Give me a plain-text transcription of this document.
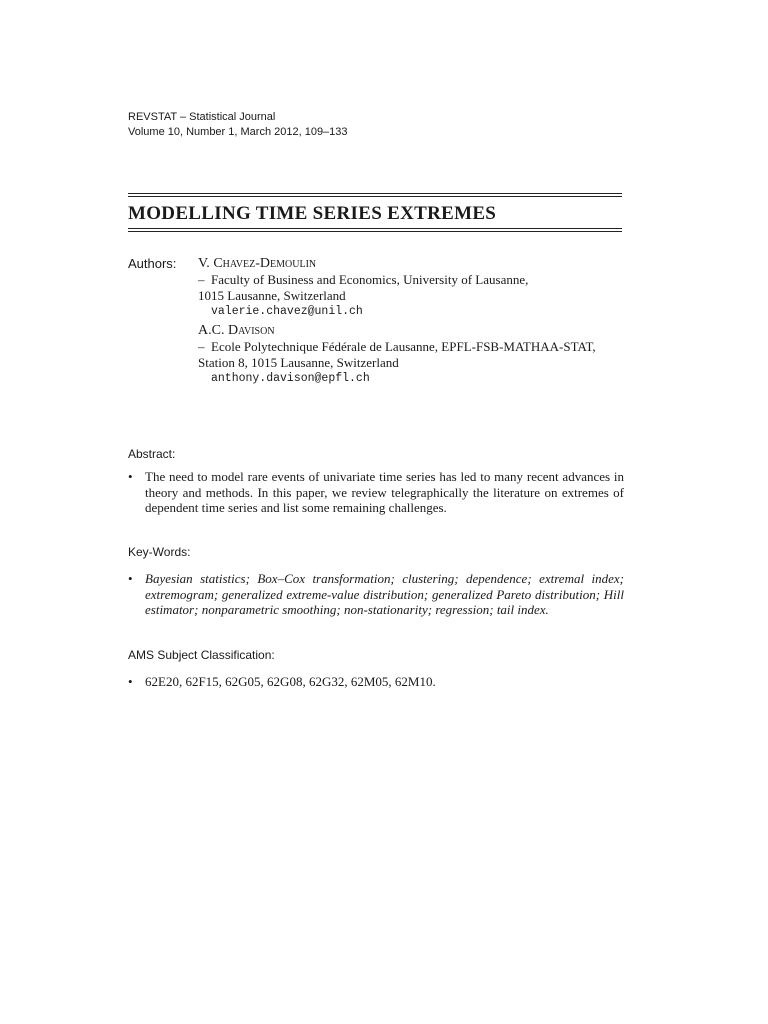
REVSTAT – Statistical Journal
Volume 10, Number 1, March 2012, 109–133
MODELLING TIME SERIES EXTREMES
Authors: V. Chavez-Demoulin
– Faculty of Business and Economics, University of Lausanne,
1015 Lausanne, Switzerland
valerie.chavez@unil.ch
A.C. Davison
– Ecole Polytechnique Fédérale de Lausanne, EPFL-FSB-MATHAA-STAT,
Station 8, 1015 Lausanne, Switzerland
anthony.davison@epfl.ch
Abstract:
• The need to model rare events of univariate time series has led to many recent advances in theory and methods. In this paper, we review telegraphically the literature on extremes of dependent time series and list some remaining challenges.
Key-Words:
• Bayesian statistics; Box–Cox transformation; clustering; dependence; extremal index; extremogram; generalized extreme-value distribution; generalized Pareto distribution; Hill estimator; nonparametric smoothing; non-stationarity; regression; tail index.
AMS Subject Classification:
• 62E20, 62F15, 62G05, 62G08, 62G32, 62M05, 62M10.
